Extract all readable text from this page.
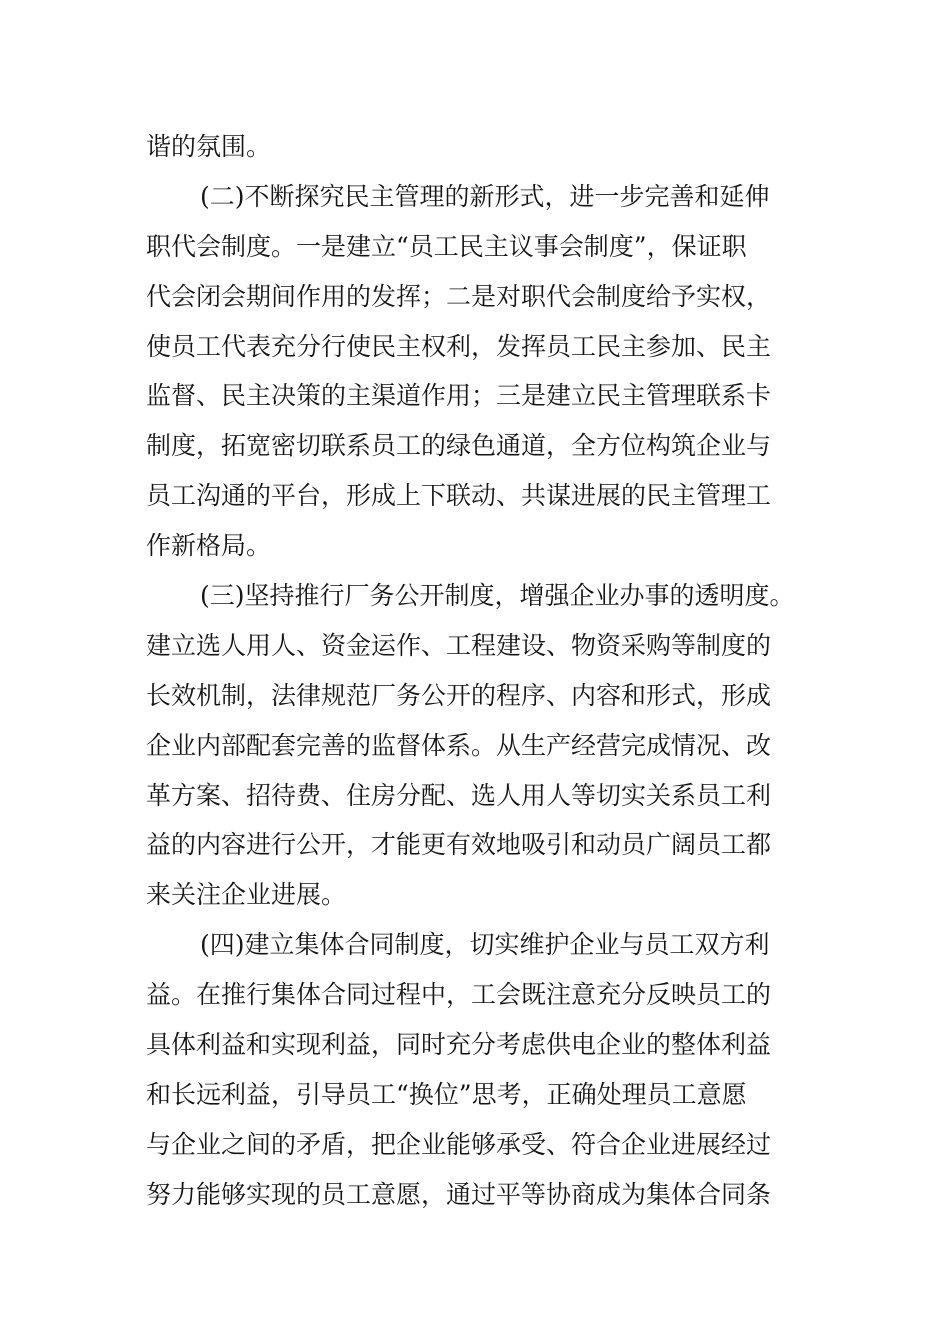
谐的氛围。
(二)不断探究民主管理的新形式，进一步完善和延伸
职代会制度。一是建立“员工民主议事会制度”，保证职
代会闭会期间作用的发挥；二是对职代会制度给予实权，
使员工代表充分行使民主权利，发挥员工民主参加、民主
监督、民主决策的主渠道作用；三是建立民主管理联系卡
制度，拓宽密切联系员工的绿色通道，全方位构筑企业与
员工沟通的平台，形成上下联动、共谋进展的民主管理工
作新格局。
(三)坚持推行厂务公开制度，增强企业办事的透明度。
建立选人用人、资金运作、工程建设、物资采购等制度的
长效机制，法律规范厂务公开的程序、内容和形式，形成
企业内部配套完善的监督体系。从生产经营完成情况、改
革方案、招待费、住房分配、选人用人等切实关系员工利
益的内容进行公开，才能更有效地吸引和动员广阔员工都
来关注企业进展。
(四)建立集体合同制度，切实维护企业与员工双方利
益。在推行集体合同过程中，工会既注意充分反映员工的
具体利益和实现利益，同时充分考虑供电企业的整体利益
和长远利益，引导员工“换位”思考，正确处理员工意愿
与企业之间的矛盾，把企业能够承受、符合企业进展经过
努力能够实现的员工意愿，通过平等协商成为集体合同条
